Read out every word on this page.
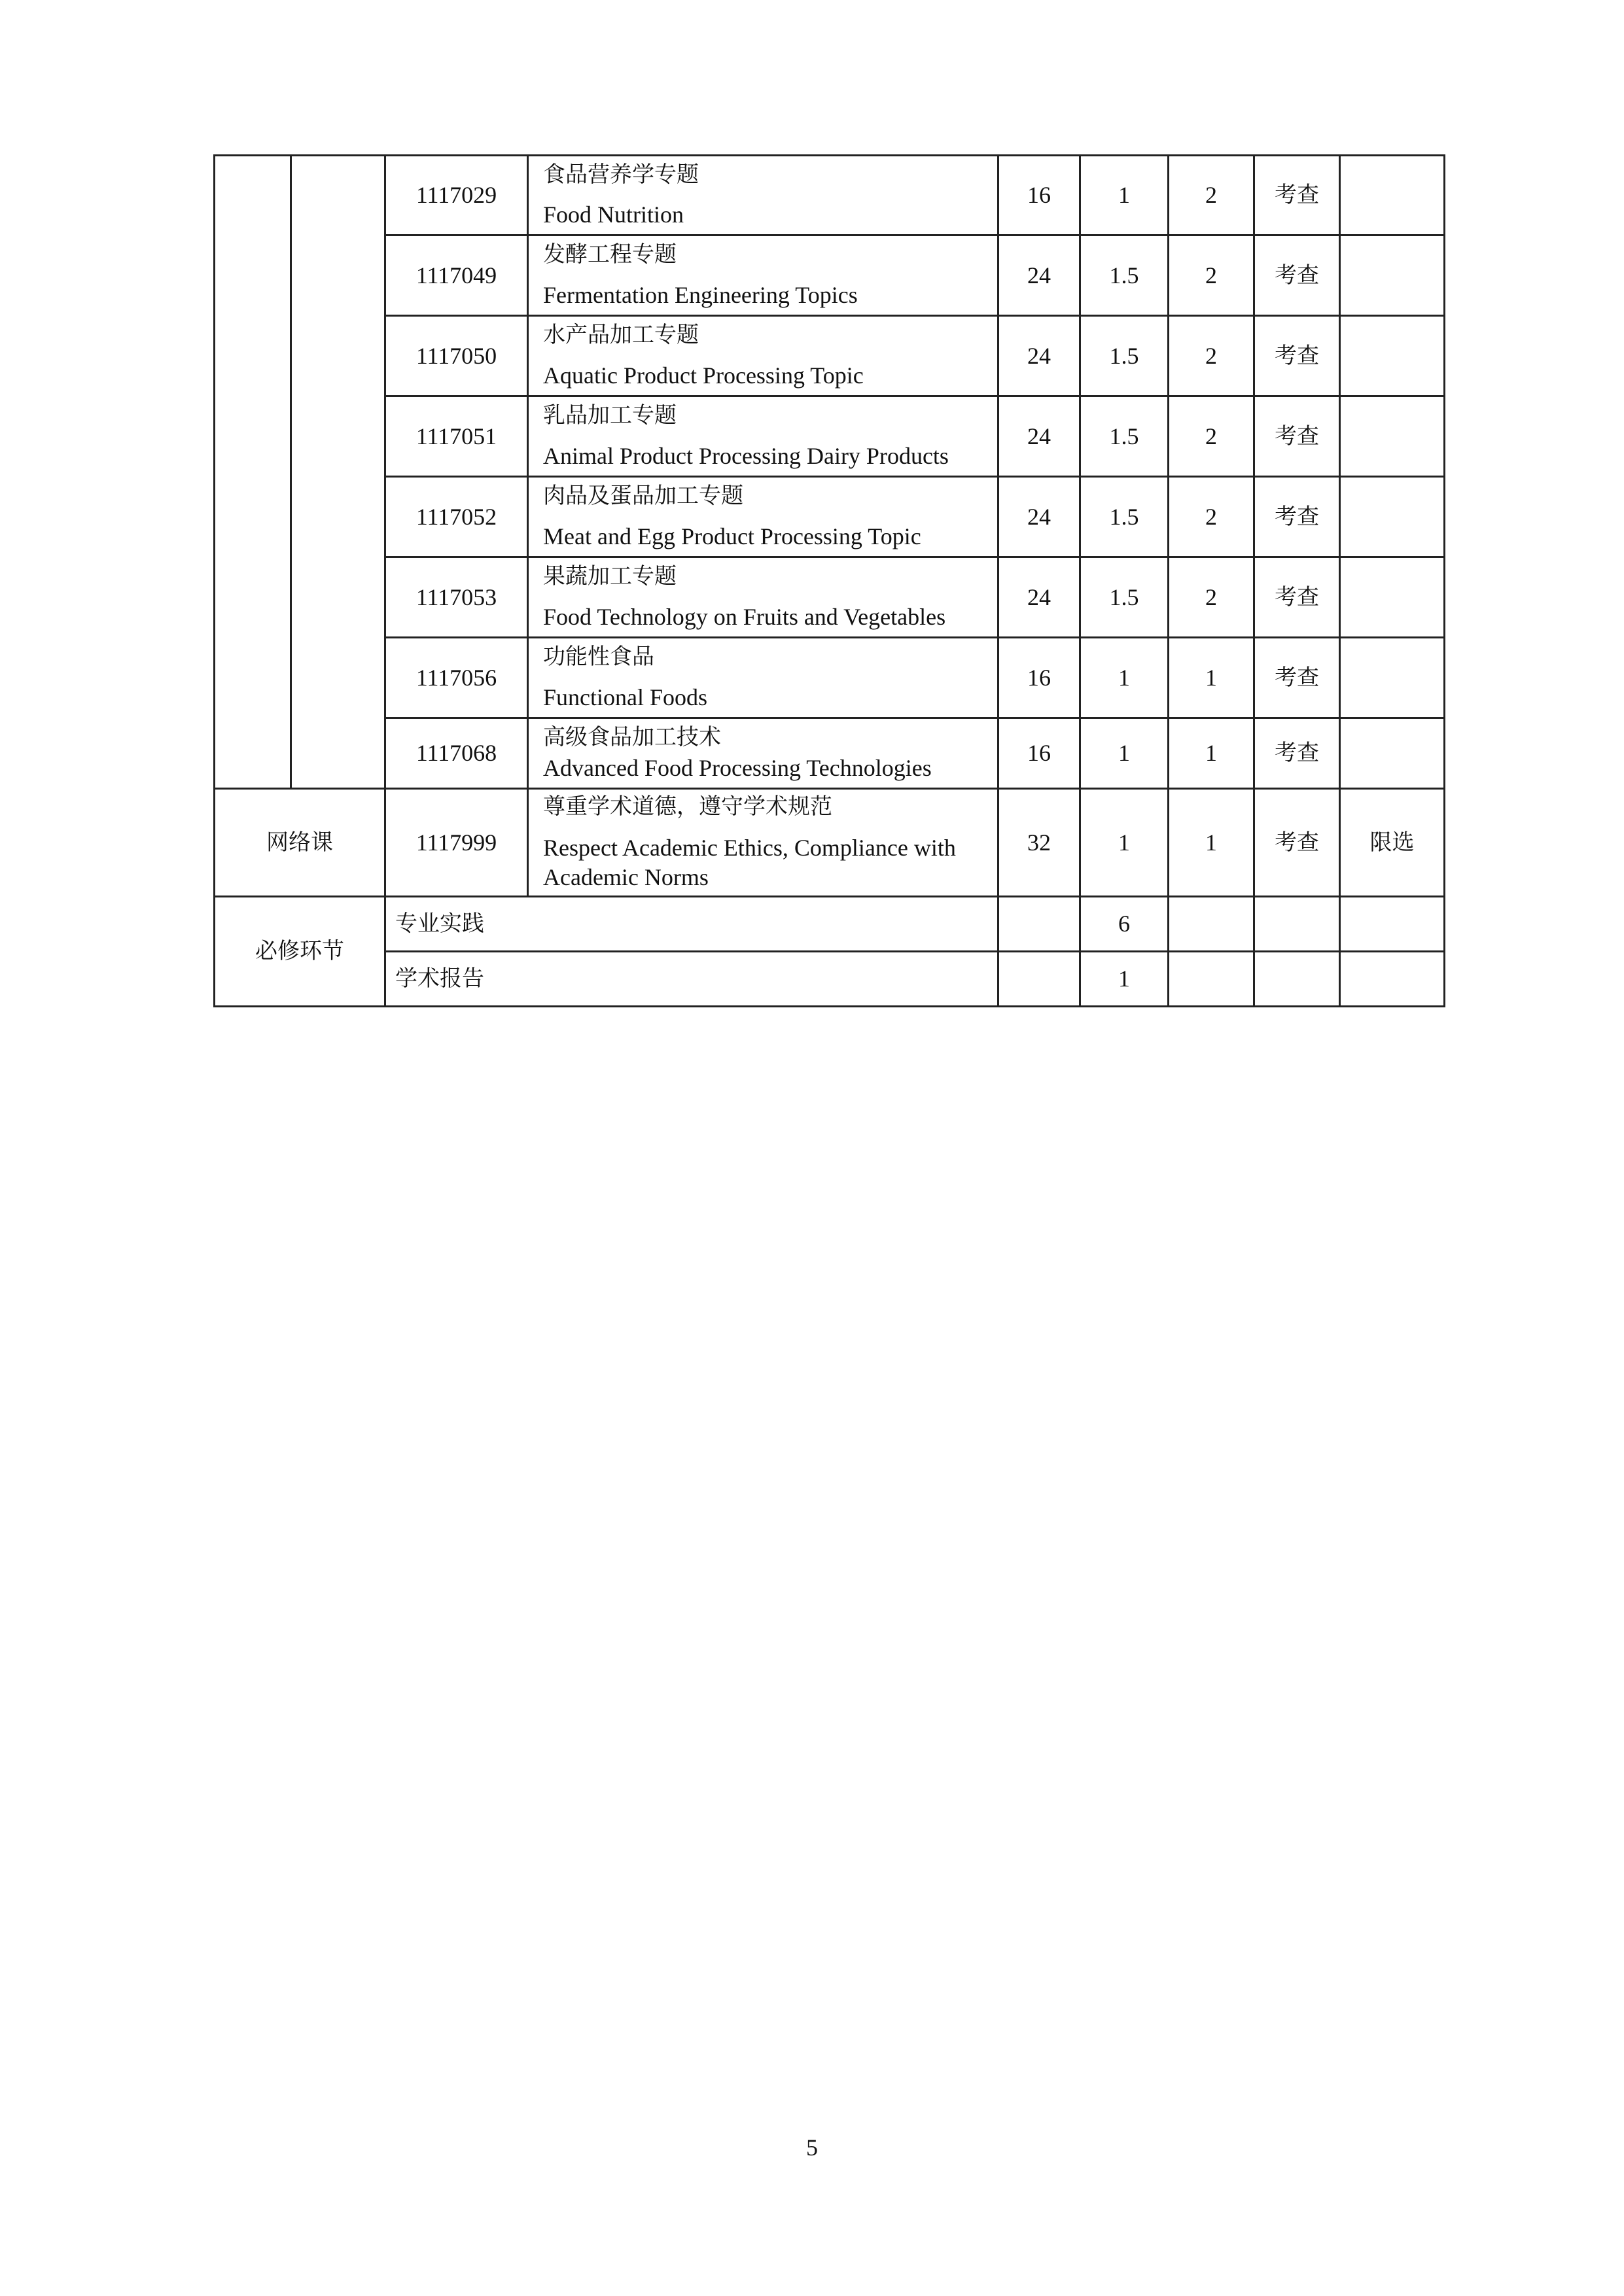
		1117029	食品营养学专题
Food Nutrition	16	1	2	考查	
		1117049	发酵工程专题
Fermentation Engineering Topics	24	1.5	2	考查	
		1117050	水产品加工专题
Aquatic Product Processing Topic	24	1.5	2	考查	
		1117051	乳品加工专题
Animal Product Processing Dairy Products	24	1.5	2	考查	
		1117052	肉品及蛋品加工专题
Meat and Egg Product Processing Topic	24	1.5	2	考查	
		1117053	果蔬加工专题
Food Technology on Fruits and Vegetables	24	1.5	2	考查	
		1117056	功能性食品
Functional Foods	16	1	1	考查	
		1117068	高级食品加工技术
Advanced Food Processing Technologies	16	1	1	考查	
网络课		1117999	尊重学术道德，遵守学术规范
Respect Academic Ethics, Compliance with Academic Norms	32	1	1	考查	限选
必修环节		专业实践			6			
		学术报告			1			
5
